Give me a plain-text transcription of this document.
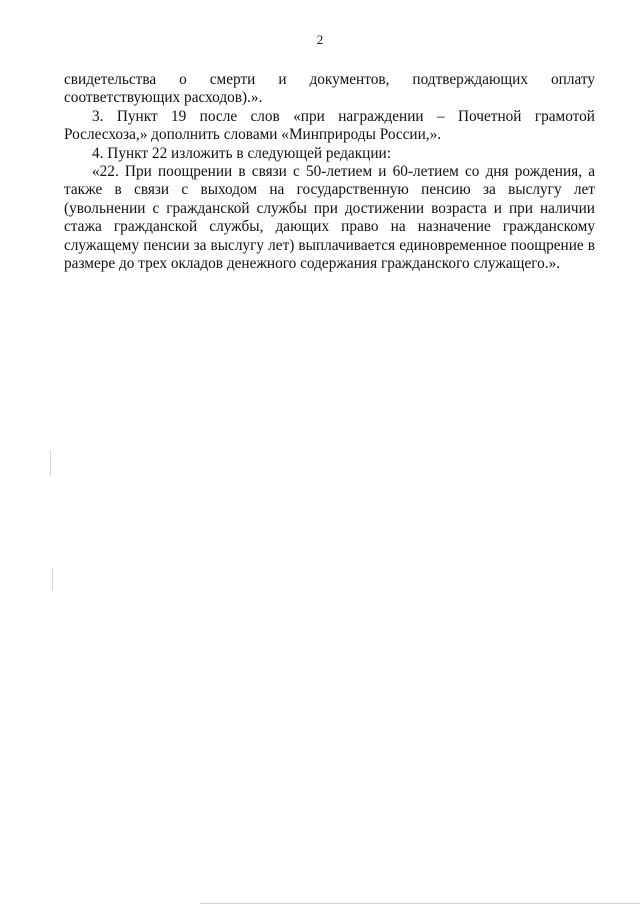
2

свидетельства о смерти и документов, подтверждающих оплату соответствующих расходов).».

3. Пункт 19 после слов «при награждении – Почетной грамотой Рослесхоза,» дополнить словами «Минприроды России,».

4. Пункт 22 изложить в следующей редакции:

«22. При поощрении в связи с 50-летием и 60-летием со дня рождения, а также в связи с выходом на государственную пенсию за выслугу лет (увольнении с гражданской службы при достижении возраста и при наличии стажа гражданской службы, дающих право на назначение гражданскому служащему пенсии за выслугу лет) выплачивается единовременное поощрение в размере до трех окладов денежного содержания гражданского служащего.».
